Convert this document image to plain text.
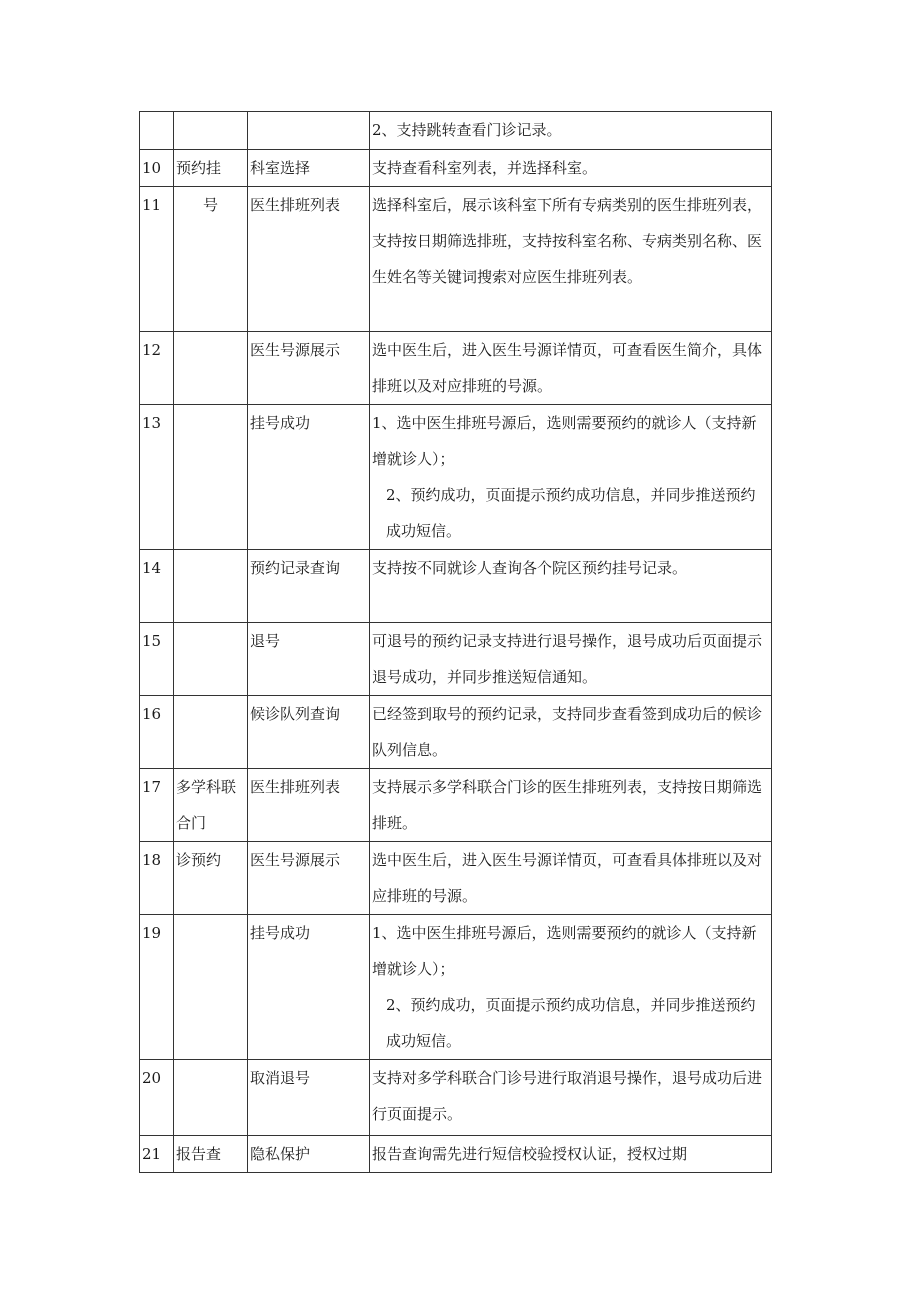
			2、支持跳转查看门诊记录。

10	预约挂	科室选择	支持查看科室列表，并选择科室。

11	号	医生排班列表	选择科室后，展示该科室下所有专病类别的医生排班列表，支持按日期筛选排班，支持按科室名称、专病类别名称、医生姓名等关键词搜索对应医生排班列表。

12		医生号源展示	选中医生后，进入医生号源详情页，可查看医生简介，具体排班以及对应排班的号源。

13		挂号成功	1、选中医生排班号源后，选则需要预约的就诊人（支持新增就诊人）；
2、预约成功，页面提示预约成功信息，并同步推送预约成功短信。

14		预约记录查询	支持按不同就诊人查询各个院区预约挂号记录。

15		退号	可退号的预约记录支持进行退号操作，退号成功后页面提示退号成功，并同步推送短信通知。

16		候诊队列查询	已经签到取号的预约记录，支持同步查看签到成功后的候诊队列信息。

17	多学科联合门	医生排班列表	支持展示多学科联合门诊的医生排班列表，支持按日期筛选排班。

18	诊预约	医生号源展示	选中医生后，进入医生号源详情页，可查看具体排班以及对应排班的号源。

19		挂号成功	1、选中医生排班号源后，选则需要预约的就诊人（支持新增就诊人）；
2、预约成功，页面提示预约成功信息，并同步推送预约成功短信。

20		取消退号	支持对多学科联合门诊号进行取消退号操作，退号成功后进行页面提示。

21	报告查	隐私保护	报告查询需先进行短信校验授权认证，授权过期
